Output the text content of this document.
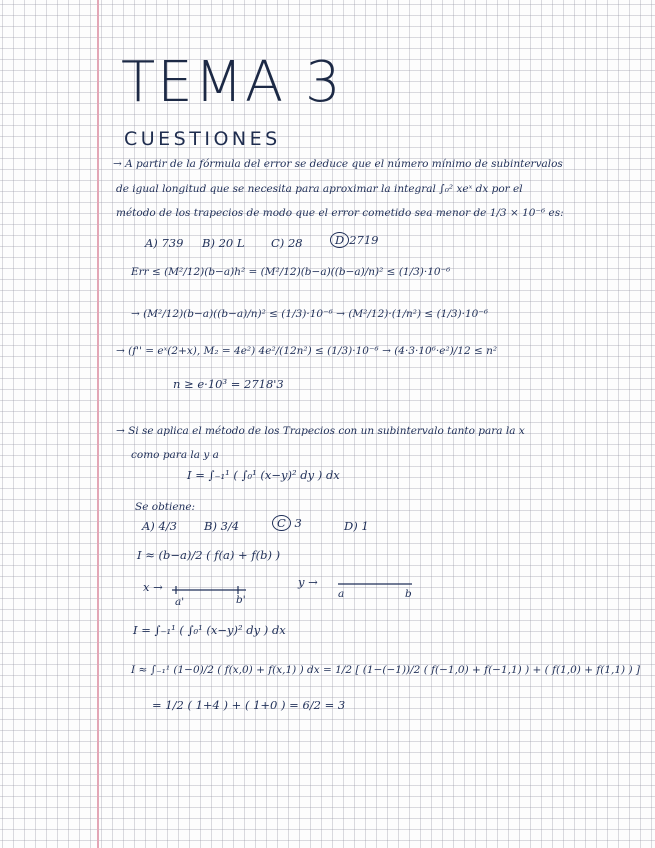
TEMA 3
CUESTIONES
→ A partir de la fórmula del error se deduce que el número mínimo de subintervalos
de igual longitud que se necesita para aproximar la integral ∫₀² xeˣ dx por el
método de los trapecios de modo que el error cometido sea menor de 1/3 × 10⁻⁶ es:
A) 739 B) 20 L C) 28	D 2719
Err ≤ (M²/12)(b−a)h² = (M²/12)(b−a)((b−a)/n)² ≤ (1/3)·10⁻⁶
→ (M²/12)(b−a)((b−a)/n)² ≤ (1/3)·10⁻⁶ → (M²/12)·(1/n²) ≤ (1/3)·10⁻⁶
→ (f'' = eˣ(2+x), M₂ = 4e²) 4e²/(12n²) ≤ (1/3)·10⁻⁶ → (4·3·10⁶·e²)/12 ≤ n²
n ≥ e·10³ = 2718'3
→ Si se aplica el método de los Trapecios con un subintervalo tanto para la x
como para la y a
I = ∫₋₁¹ ( ∫₀¹ (x−y)² dy ) dx
Se obtiene:
A) 4/3 B) 3/4	C 3	D) 1
I ≈ (b−a)/2 ( f(a) + f(b) )
x →
a'	b'
y →
a	b
I = ∫₋₁¹ ( ∫₀¹ (x−y)² dy ) dx
I ≈ ∫₋₁¹ (1−0)/2 ( f(x,0) + f(x,1) ) dx = 1/2 [ (1−(−1))/2 ( f(−1,0) + f(−1,1) ) + ( f(1,0) + f(1,1) ) ]
= 1/2 ( 1+4 ) + ( 1+0 ) = 6/2 = 3
